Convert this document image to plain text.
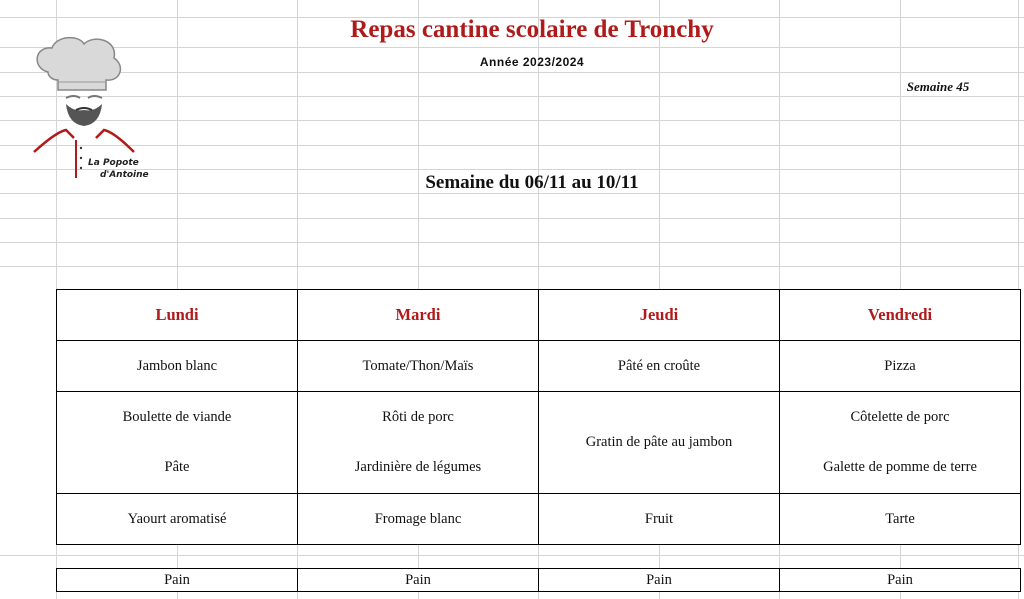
La Popote
d'Antoine
Repas cantine scolaire de Tronchy
Année 2023/2024
Semaine 45
Semaine du 06/11 au 10/11
Lundi	Mardi	Jeudi	Vendredi
Jambon blanc	Tomate/Thon/Maïs	Pâté en croûte	Pizza
Boulette de viande	Rôti de porc	Gratin de pâte au jambon	Côtelette de porc
Pâte	Jardinière de légumes		Galette de pomme de terre
Yaourt aromatisé	Fromage blanc	Fruit	Tarte
Pain	Pain	Pain	Pain
